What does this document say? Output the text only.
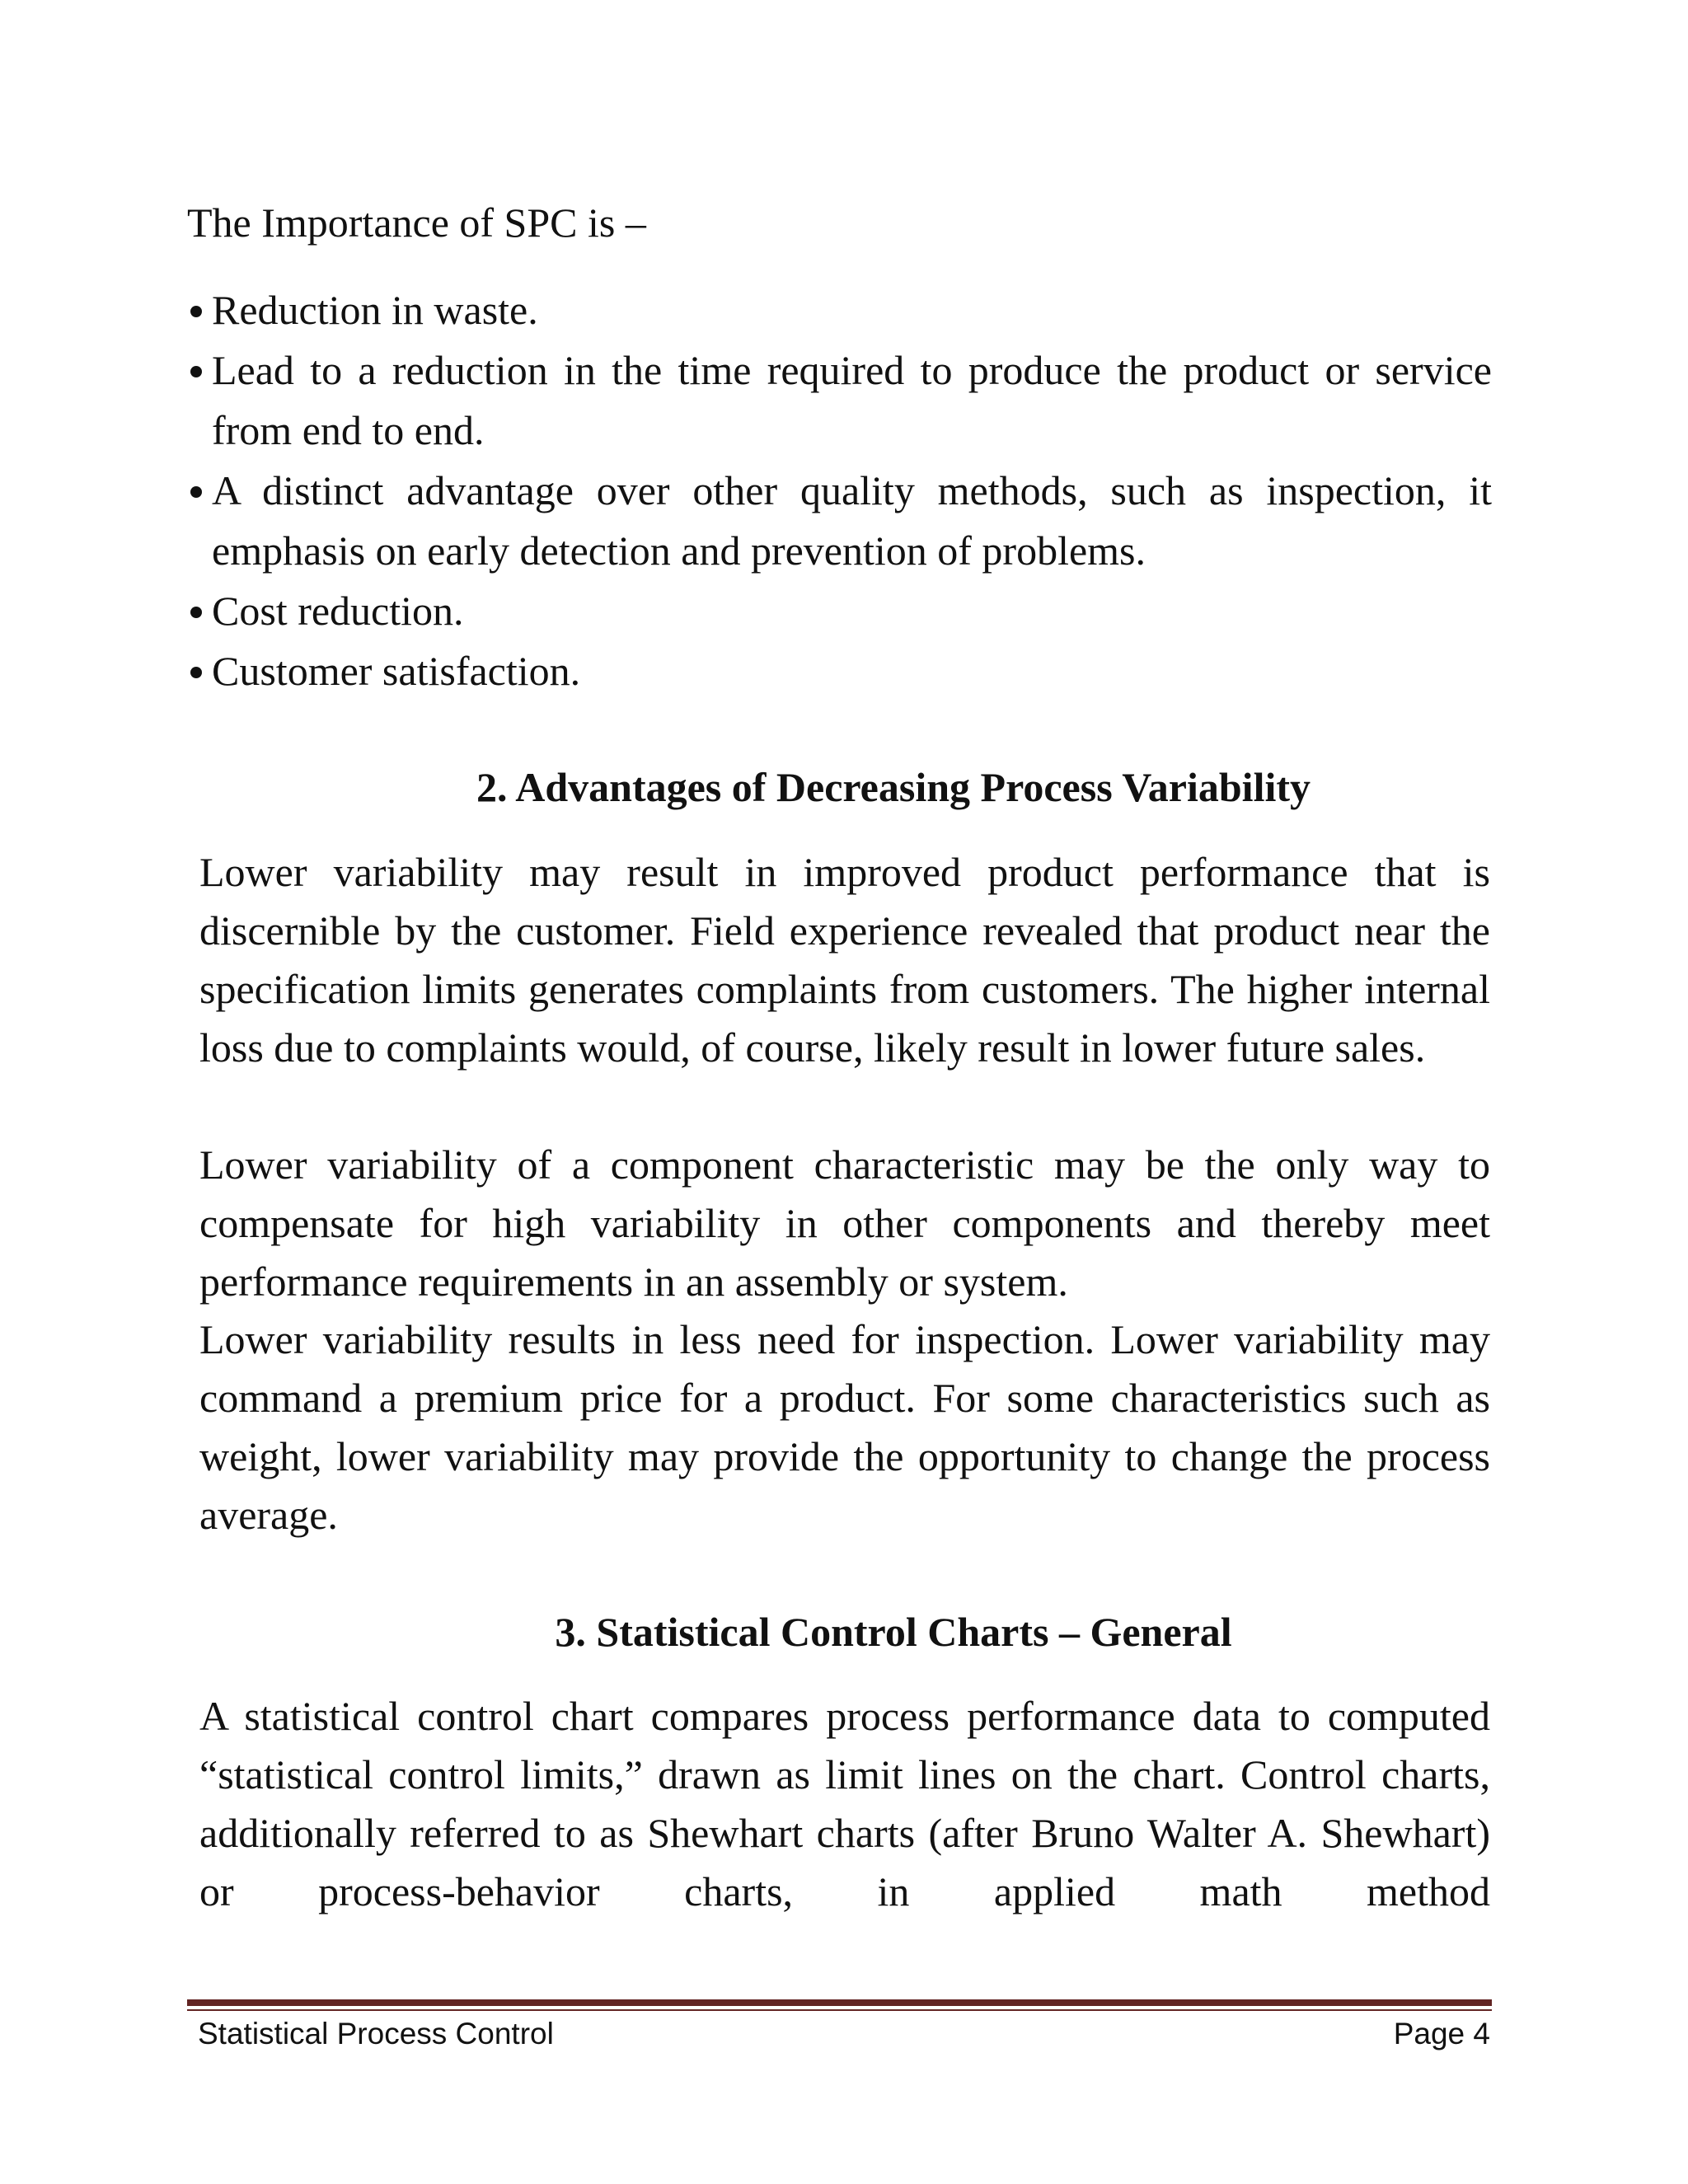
The Importance of SPC is –

Reduction in waste.
Lead to a reduction in the time required to produce the product or service from end to end.
A distinct advantage over other quality methods, such as inspection, it emphasis on early detection and prevention of problems.
Cost reduction.
Customer satisfaction.
2. Advantages of Decreasing Process Variability

Lower variability may result in improved product performance that is discernible by the customer. Field experience revealed that product near the specification limits generates complaints from customers. The higher internal loss due to complaints would, of course, likely result in lower future sales.

Lower variability of a component characteristic may be the only way to compensate for high variability in other components and thereby meet performance requirements in an assembly or system.

Lower variability results in less need for inspection. Lower variability may command a premium price for a product. For some characteristics such as weight, lower variability may provide the opportunity to change the process average.

3. Statistical Control Charts – General

A statistical control chart compares process performance data to computed “statistical control limits,” drawn as limit lines on the chart. Control charts, additionally referred to as Shewhart charts (after Bruno Walter A. Shewhart) or process-behavior charts, in applied math method

Statistical Process Control	Page 4
